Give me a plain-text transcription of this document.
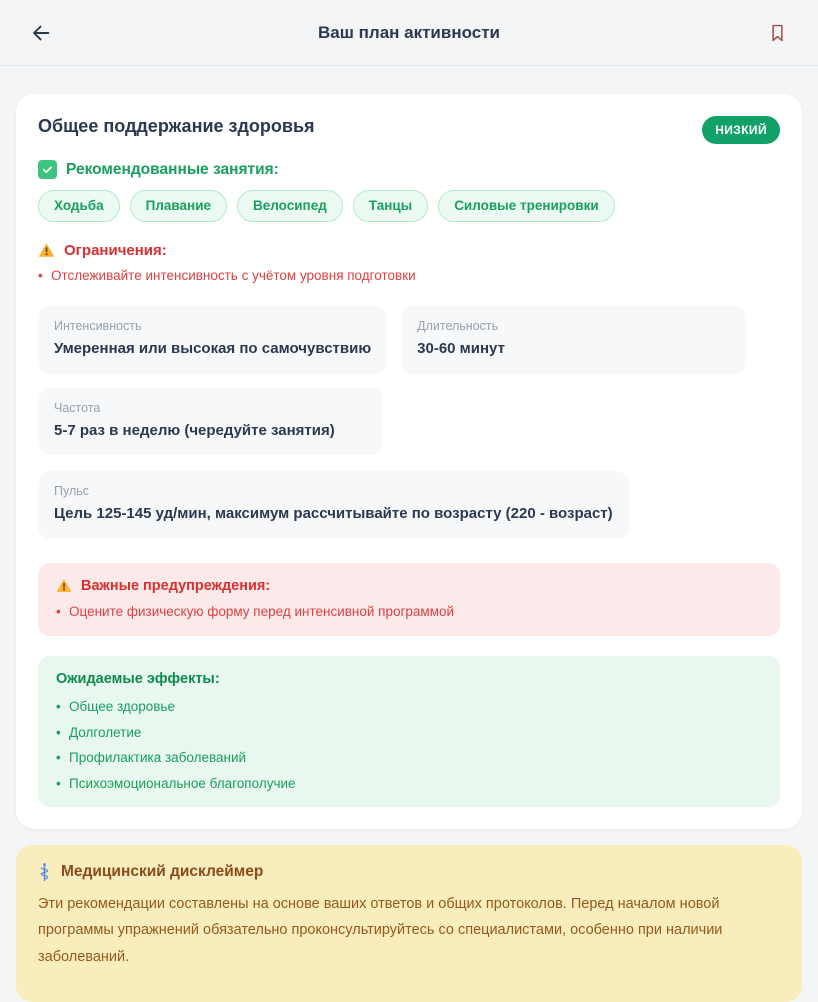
Ваш план активности
Общее поддержание здоровья	НИЗКИЙ
Рекомендованные занятия:
Ходьба	Плавание	Велосипед	Танцы	Силовые тренировки
Ограничения:
• Отслеживайте интенсивность с учётом уровня подготовки
Интенсивность
Умеренная или высокая по самочувствию
Длительность
30-60 минут
Частота
5-7 раз в неделю (чередуйте занятия)
Пульс
Цель 125-145 уд/мин, максимум рассчитывайте по возрасту (220 - возраст)
Важные предупреждения:
• Оцените физическую форму перед интенсивной программой
Ожидаемые эффекты:
• Общее здоровье
• Долголетие
• Профилактика заболеваний
• Психоэмоциональное благополучие
Медицинский дисклеймер

Эти рекомендации составлены на основе ваших ответов и общих протоколов. Перед началом новой программы упражнений обязательно проконсультируйтесь со специалистами, особенно при наличии заболеваний.
